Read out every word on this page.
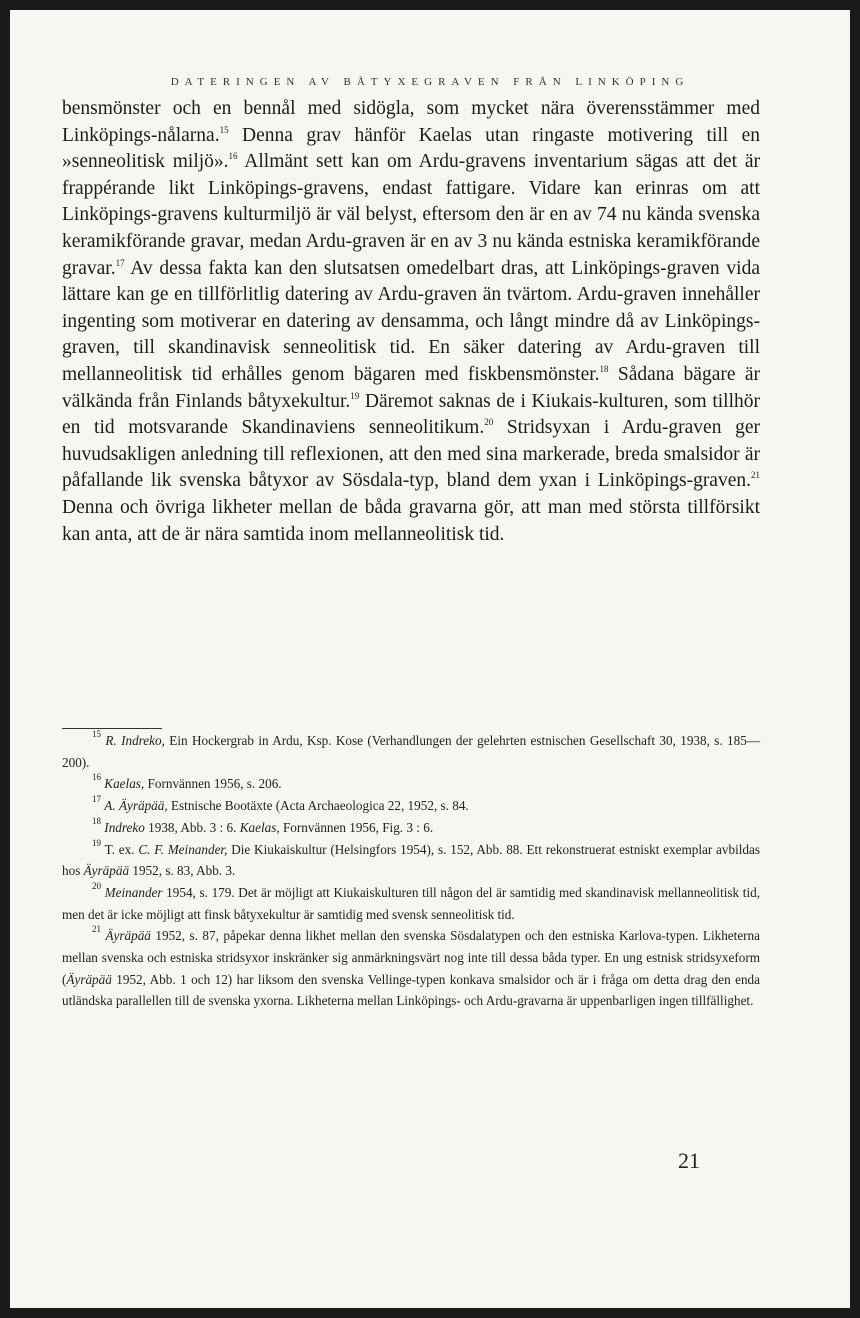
DATERINGEN AV BÅTYXEGRAVEN FRÅN LINKÖPING

bensmönster och en bennål med sidögla, som mycket nära överensstämmer med Linköpings-nålarna.$^{15}$ Denna grav hänför Kaelas utan ringaste motivering till en »senneolitisk miljö».$^{16}$ Allmänt sett kan om Ardu-gravens inventarium sägas att det är frappérande likt Linköpings-gravens, endast fattigare. Vidare kan erinras om att Linköpings-gravens kulturmiljö är väl belyst, eftersom den är en av 74 nu kända svenska keramikförande gravar, medan Ardu-graven är en av 3 nu kända estniska keramikförande gravar.$^{17}$ Av dessa fakta kan den slutsatsen omedelbart dras, att Linköpings-graven vida lättare kan ge en tillförlitlig datering av Ardu-graven än tvärtom. Ardu-graven innehåller ingenting som motiverar en datering av densamma, och långt mindre då av Linköpings-graven, till skandinavisk senneolitisk tid. En säker datering av Ardu-graven till mellanneolitisk tid erhålles genom bägaren med fiskbensmönster.$^{18}$ Sådana bägare är välkända från Finlands båtyxekultur.$^{19}$ Däremot saknas de i Kiukais-kulturen, som tillhör en tid motsvarande Skandinaviens senneolitikum.$^{20}$ Stridsyxan i Ardu-graven ger huvudsakligen anledning till reflexionen, att den med sina markerade, breda smalsidor är påfallande lik svenska båtyxor av Sösdala-typ, bland dem yxan i Linköpings-graven.$^{21}$ Denna och övriga likheter mellan de båda gravarna gör, att man med största tillförsikt kan anta, att de är nära samtida inom mellanneolitisk tid.

$^{15}$ R. Indreko, Ein Hockergrab in Ardu, Ksp. Kose (Verhandlungen der gelehrten estnischen Gesellschaft 30, 1938, s. 185—200).

$^{16}$ Kaelas, Fornvännen 1956, s. 206.

$^{17}$ A. Äyräpää, Estnische Bootäxte (Acta Archaeologica 22, 1952, s. 84.

$^{18}$ Indreko 1938, Abb. 3 : 6. Kaelas, Fornvännen 1956, Fig. 3 : 6.

$^{19}$ T. ex. C. F. Meinander, Die Kiukaiskultur (Helsingfors 1954), s. 152, Abb. 88. Ett rekonstruerat estniskt exemplar avbildas hos Äyräpää 1952, s. 83, Abb. 3.

$^{20}$ Meinander 1954, s. 179. Det är möjligt att Kiukaiskulturen till någon del är samtidig med skandinavisk mellanneolitisk tid, men det är icke möjligt att finsk båtyxekultur är samtidig med svensk senneolitisk tid.

$^{21}$ Äyräpää 1952, s. 87, påpekar denna likhet mellan den svenska Sösdalatypen och den estniska Karlova-typen. Likheterna mellan svenska och estniska stridsyxor inskränker sig anmärkningsvärt nog inte till dessa båda typer. En ung estnisk stridsyxeform (Äyräpää 1952, Abb. 1 och 12) har liksom den svenska Vellinge-typen konkava smalsidor och är i fråga om detta drag den enda utländska parallellen till de svenska yxorna. Likheterna mellan Linköpings- och Ardu-gravarna är uppenbarligen ingen tillfällighet.

21
